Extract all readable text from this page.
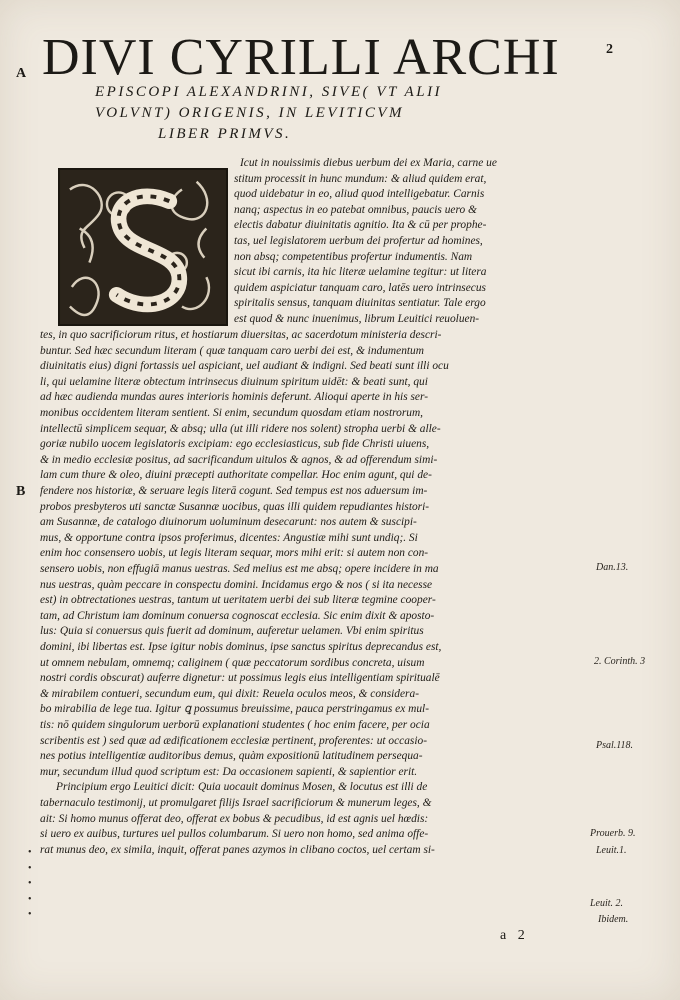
A
2
B
DIVI CYRILLI ARCHI
EPISCOPI ALEXANDRINI, SIVE( VT ALII
VOLVNT) ORIGENIS, IN LEVITICVM
LIBER PRIMVS.
Icut in nouissimis diebus uerbum dei ex Maria, carne ue
stitum processit in hunc mundum: & aliud quidem erat,
quod uidebatur in eo, aliud quod intelligebatur. Carnis
nanq; aspectus in eo patebat omnibus, paucis uero &
electis dabatur diuinitatis agnitio. Ita & cū per prophe-
tas, uel legislatorem uerbum dei profertur ad homines,
non absq; competentibus profertur indumentis. Nam
sicut ibi carnis, ita hic literæ uelamine tegitur: ut litera
quidem aspiciatur tanquam caro, latēs uero intrinsecus
spiritalis sensus, tanquam diuinitas sentiatur. Tale ergo
est quod & nunc inuenimus, librum Leuitici reuoluen-
tes, in quo sacrificiorum ritus, et hostiarum diuersitas, ac sacerdotum ministeria descri-
buntur. Sed hæc secundum literam ( quæ tanquam caro uerbi dei est, & indumentum
diuinitatis eius) digni fortassis uel aspiciant, uel audiant & indigni. Sed beati sunt illi ocu
li, qui uelamine literæ obtectum intrinsecus diuinum spiritum uidēt: & beati sunt, qui
ad hæc audienda mundas aures interioris hominis deferunt. Alioqui aperte in his ser-
monibus occidentem literam sentient. Si enim, secundum quosdam etiam nostrorum,
intellectū simplicem sequar, & absq; ulla (ut illi ridere nos solent) stropha uerbi & alle-
goriæ nubilo uocem legislatoris excipiam: ego ecclesiasticus, sub fide Christi uiuens,
& in medio ecclesiæ positus, ad sacrificandum uitulos & agnos, & ad offerendum simi-
lam cum thure & oleo, diuini præcepti authoritate compellar. Hoc enim agunt, qui de-
fendere nos historiæ, & seruare legis literā cogunt. Sed tempus est nos aduersum im-
probos presbyteros uti sanctæ Susannæ uocibus, quas illi quidem repudiantes histori-
am Susannæ, de catalogo diuinorum uoluminum desecarunt: nos autem & suscipi-
mus, & opportune contra ipsos proferimus, dicentes: Angustiæ mihi sunt undiq;. Si
enim hoc consensero uobis, ut legis literam sequar, mors mihi erit: si autem non con-
sensero uobis, non effugiā manus uestras. Sed melius est me absq; opere incidere in ma
nus uestras, quàm peccare in conspectu domini. Incidamus ergo & nos ( si ita necesse
est) in obtrectationes uestras, tantum ut ueritatem uerbi dei sub literæ tegmine cooper-
tam, ad Christum iam dominum conuersa cognoscat ecclesia. Sic enim dixit & aposto-
lus: Quia si conuersus quis fuerit ad dominum, auferetur uelamen. Vbi enim spiritus
domini, ibi libertas est. Ipse igitur nobis dominus, ipse sanctus spiritus deprecandus est,
ut omnem nebulam, omnemq; caliginem ( quæ peccatorum sordibus concreta, uisum
nostri cordis obscurat) auferre dignetur: ut possimus legis eius intelligentiam spiritualē
& mirabilem contueri, secundum eum, qui dixit: Reuela oculos meos, & considera-
bo mirabilia de lege tua. Igitur ꝗ possumus breuissime, pauca perstringamus ex mul-
tis: nō quidem singulorum uerborū explanationi studentes ( hoc enim facere, per ocia
scribentis est ) sed quæ ad ædificationem ecclesiæ pertinent, proferentes: ut occasio-
nes potius intelligentiæ auditoribus demus, quàm expositionū latitudinem persequa-
mur, secundum illud quod scriptum est: Da occasionem sapienti, & sapientior erit.
Principium ergo Leuitici dicit: Quia uocauit dominus Mosen, & locutus est illi de
tabernaculo testimonij, ut promulgaret filijs Israel sacrificiorum & munerum leges, &
ait: Si homo munus offerat deo, offerat ex bobus & pecudibus, id est agnis uel hœdis:
si uero ex auibus, turtures uel pullos columbarum. Si uero non homo, sed anima offe-
rat munus deo, ex simila, inquit, offerat panes azymos in clibano coctos, uel certam si-
Dan.13.
2. Corinth. 3
Psal.118.
Prouerb. 9.
Leuit.1.
Leuit. 2.
Ibidem.
•
•
•
•
•
a 2
